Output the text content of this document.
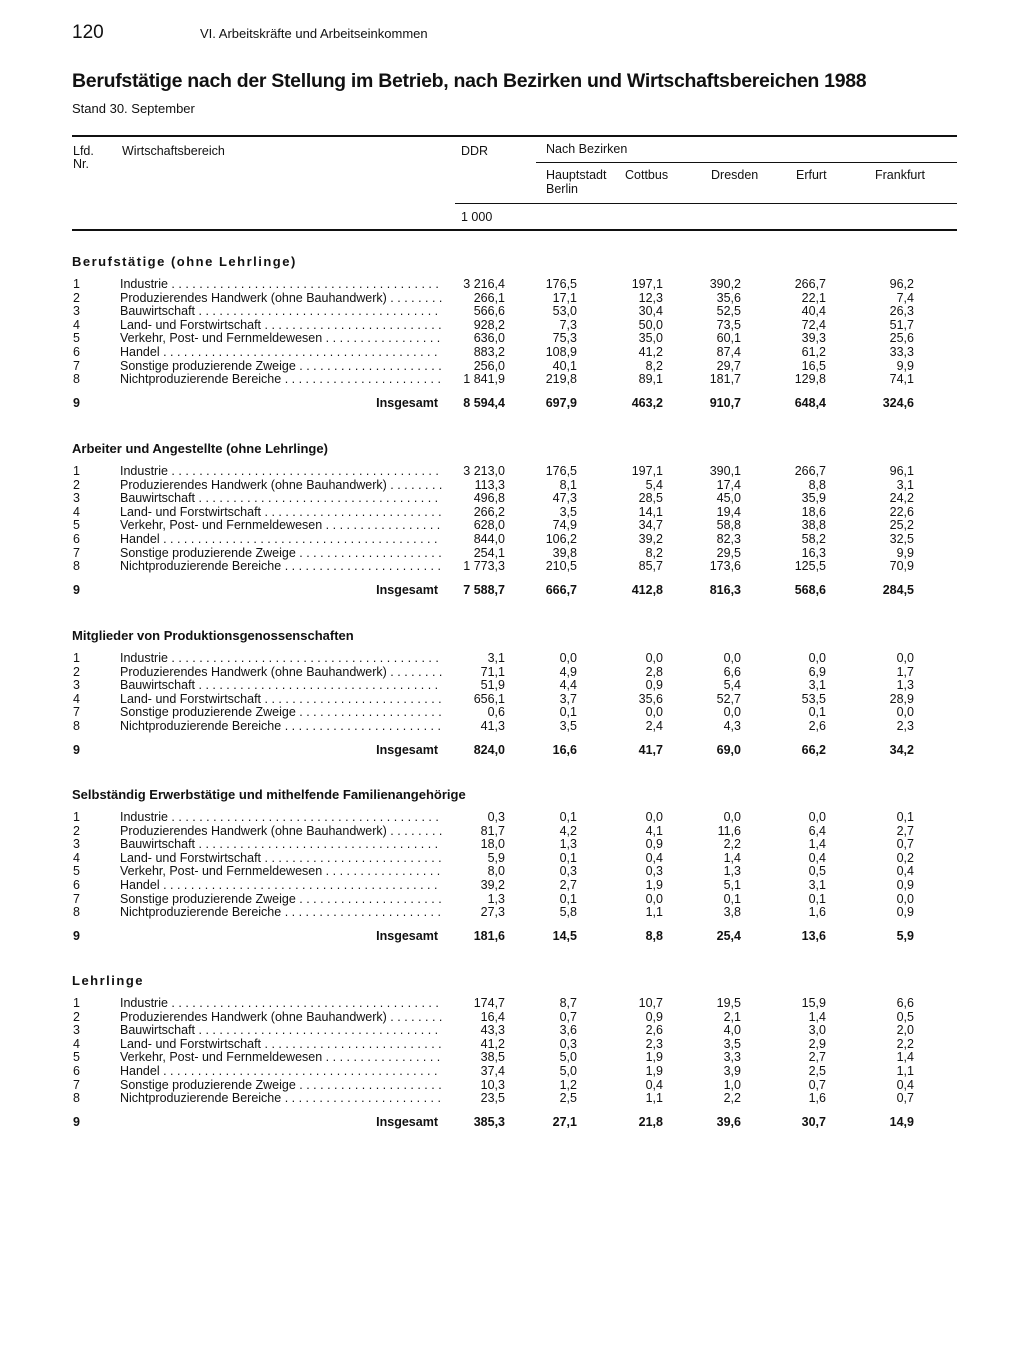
120	VI. Arbeitskräfte und Arbeitseinkommen
Berufstätige nach der Stellung im Betrieb, nach Bezirken und Wirtschaftsbereichen 1988
Stand 30. September
Lfd.
Nr.
Wirtschaftsbereich	DDR	Nach Bezirken
Hauptstadt
Berlin
Cottbus	Dresden	Erfurt	Frankfurt
1 000
Berufstätige (ohne Lehrlinge)
1	Industrie . . .	3 216,4	176,5	197,1	390,2	266,7	96,2
2	Produzierendes Handwerk (ohne Bauhandwerk) . . .	266,1	17,1	12,3	35,6	22,1	7,4
3	Bauwirtschaft . . .	566,6	53,0	30,4	52,5	40,4	26,3
4	Land- und Forstwirtschaft . . .	928,2	7,3	50,0	73,5	72,4	51,7
5	Verkehr, Post- und Fernmeldewesen . . .	636,0	75,3	35,0	60,1	39,3	25,6
6	Handel . . .	883,2	108,9	41,2	87,4	61,2	33,3
7	Sonstige produzierende Zweige . . .	256,0	40,1	8,2	29,7	16,5	9,9
8	Nichtproduzierende Bereiche . . .	1 841,9	219,8	89,1	181,7	129,8	74,1
9	Insgesamt 8 594,4	697,9	463,2	910,7	648,4	324,6
Arbeiter und Angestellte (ohne Lehrlinge)
1	Industrie . . .	3 213,0	176,5	197,1	390,1	266,7	96,1
2	Produzierendes Handwerk (ohne Bauhandwerk) . . .	113,3	8,1	5,4	17,4	8,8	3,1
3	Bauwirtschaft . . .	496,8	47,3	28,5	45,0	35,9	24,2
4	Land- und Forstwirtschaft . . .	266,2	3,5	14,1	19,4	18,6	22,6
5	Verkehr, Post- und Fernmeldewesen . . .	628,0	74,9	34,7	58,8	38,8	25,2
6	Handel . . .	844,0	106,2	39,2	82,3	58,2	32,5
7	Sonstige produzierende Zweige . . .	254,1	39,8	8,2	29,5	16,3	9,9
8	Nichtproduzierende Bereiche . . .	1 773,3	210,5	85,7	173,6	125,5	70,9
9	Insgesamt 7 588,7	666,7	412,8	816,3	568,6	284,5
Mitglieder von Produktionsgenossenschaften
1	Industrie . . .	3,1	0,0	0,0	0,0	0,0	0,0
2	Produzierendes Handwerk (ohne Bauhandwerk) . . .	71,1	4,9	2,8	6,6	6,9	1,7
3	Bauwirtschaft . . .	51,9	4,4	0,9	5,4	3,1	1,3
4	Land- und Forstwirtschaft . . .	656,1	3,7	35,6	52,7	53,5	28,9
7	Sonstige produzierende Zweige . . .	0,6	0,1	0,0	0,0	0,1	0,0
8	Nichtproduzierende Bereiche . . .	41,3	3,5	2,4	4,3	2,6	2,3
9	Insgesamt	824,0	16,6	41,7	69,0	66,2	34,2
Selbständig Erwerbstätige und mithelfende Familienangehörige
1	Industrie . . .	0,3	0,1	0,0	0,0	0,0	0,1
2	Produzierendes Handwerk (ohne Bauhandwerk) . . .	81,7	4,2	4,1	11,6	6,4	2,7
3	Bauwirtschaft . . .	18,0	1,3	0,9	2,2	1,4	0,7
4	Land- und Forstwirtschaft . . .	5,9	0,1	0,4	1,4	0,4	0,2
5	Verkehr, Post- und Fernmeldewesen . . .	8,0	0,3	0,3	1,3	0,5	0,4
6	Handel . . .	39,2	2,7	1,9	5,1	3,1	0,9
7	Sonstige produzierende Zweige . . .	1,3	0,1	0,0	0,1	0,1	0,0
8	Nichtproduzierende Bereiche . . .	27,3	5,8	1,1	3,8	1,6	0,9
9	Insgesamt	181,6	14,5	8,8	25,4	13,6	5,9
Lehrlinge
1	Industrie . . .	174,7	8,7	10,7	19,5	15,9	6,6
2	Produzierendes Handwerk (ohne Bauhandwerk) . . .	16,4	0,7	0,9	2,1	1,4	0,5
3	Bauwirtschaft . . .	43,3	3,6	2,6	4,0	3,0	2,0
4	Land- und Forstwirtschaft . . .	41,2	0,3	2,3	3,5	2,9	2,2
5	Verkehr, Post- und Fernmeldewesen . . .	38,5	5,0	1,9	3,3	2,7	1,4
6	Handel . . .	37,4	5,0	1,9	3,9	2,5	1,1
7	Sonstige produzierende Zweige . . .	10,3	1,2	0,4	1,0	0,7	0,4
8	Nichtproduzierende Bereiche . . .	23,5	2,5	1,1	2,2	1,6	0,7
9	Insgesamt	385,3	27,1	21,8	39,6	30,7	14,9
